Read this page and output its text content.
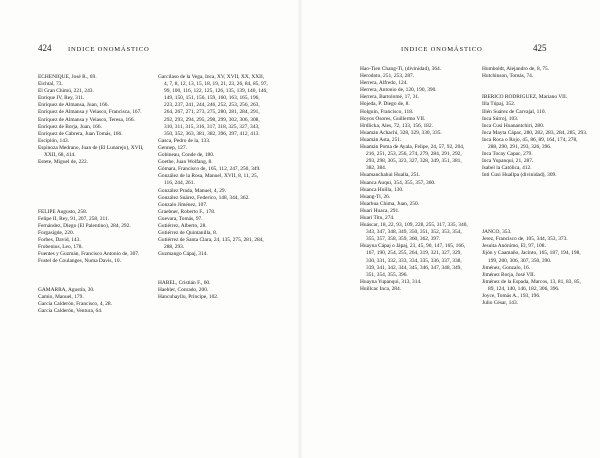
424	INDICE ONOMÁSTICO
ECHENIQUE, José R., 69.
Eichtal, 73.
El Gran Chimú, 221, 243.
Enrique IV, Rey, 311.
Enríquez de Almansa, Juan, 166.
Enríquez de Almansa y Velasco, Francisca, 167.
Enríquez de Almansa y Velasco, Teresa, 166.
Enríquez de Borja, Juan, 166.
Enríquez de Cabrera, Juan Tomás, 166.
Escipión, 143.
Espinoza Medrano, Juan de (El Lunarejo), XVII, XXII, 68, 414.
Estete, Miguel de, 222.
FELIPE Augusto, 258.
Felipe II, Rey, 91, 207, 258, 311.
Fernández, Diego (El Palentino), 284, 292.
Forgasigde, 220.
Forbes, David, 143.
Frobenius, Leo, 178.
Fuentes y Guzmán, Francisco Antonio de, 307.
Fustel de Coulanges, Numa Davis, 10.
GAMARRA, Agustín, 30.
Camio, Manuel, 179.
García Calderón, Francisco, 4, 28.
García Calderón, Ventura, 64.
Garcilaso de la Vega, Inca, XV, XVII, XX, XXII, 4, 7, 8, 12, 13, 15, 18, 19, 21, 23, 26, 84, 85, 97, 99, 100, 116, 122, 125, 126, 135, 139, 140, 146, 149, 150, 151, 156, 159, 160, 163, 165, 196, 223, 237, 241, 244, 246, 252, 253, 256, 263, 264, 267, 271, 273, 275, 280, 281, 284, 291, 292, 293, 294, 295, 298, 299, 302, 306, 308, 310, 311, 315, 316, 317, 318, 325, 327, 343, 350, 352, 363, 381, 382, 396, 397, 412, 413.
Gasca, Pedro de la, 133.
Gennep, 127.
Gobineau, Conde de, 180.
Goethe, Juan Wolfang, 8.
Gómara, Francisco de, 165, 112, 247, 250, 349.
González de la Rosa, Manuel, XVII, 8, 11, 25, 116, 244, 261.
González Prada, Manuel, 4, 29.
González Suárez, Federico, 148, 344, 362.
Gonzalo Jiménez, 107.
Graebner, Roberto F., 178.
Guevara, Tomás, 97.
Gutiérrez, Alberto, 28.
Gutiérrez de Quintanilla, 8.
Gutiérrez de Santa Clara, 24, 135, 275, 281, 284, 288, 293.
Guzmango Cápaj, 314.
HABEL, Cristián F., 60.
Haebler, Conrado, 200.
Hancuhayllu, Príncipe, 102.
INDICE ONOMÁSTICO	425
Hao-Tien Chang-Ti, (divinidad), 364.
Herodoto, 251, 253, 287.
Herrera, Alfredo, 124.
Herrera, Antonio de, 120, 190, 390.
Herrera, Bartolomé, 17, 31.
Hojeda, P. Diego de, 8.
Holguín, Francisco, 118.
Hoyos Osores, Guillermo VII.
Hrdlicka, Ales, 72, 133, 156, 182.
Huamán Achachi, 328, 329, 330, 335.
Huamán Asta, 251.
Huamán Poma de Ayala, Felipe, 24, 57, 92, 204, 216, 251, 253, 256, 274, 279, 284, 291, 292, 293, 298, 305, 323, 327, 328, 349, 351, 381, 382, 384.
Huamanchahui Hualla, 251.
Huanca Auqui, 354, 355, 357, 360.
Huanca Huilla, 130.
Huang-Ti, 26.
Huarhua Chima, Juan, 250.
Huari Huaca, 291.
Huari Titu, 274.
Huáscar, 18, 22, 93, 109, 228, 255, 317, 335, 340, 343, 347, 348, 349, 350, 351, 352, 353, 354, 355, 357, 358, 359, 360, 362, 397.
Huayna Cápaj o Jápaj, 23, 45, 90, 147, 165, 166, 167, 190, 254, 255, 264, 319, 321, 327, 329, 330, 331, 332, 333, 334, 335, 336, 337, 338, 339, 341, 342, 344, 345, 346, 347, 348, 349, 351, 354, 355, 396.
Huayna Yupanqui, 313, 314.
Huillcac Inca, 284.
Humboldt, Alejandro de, 8, 75.
Hutchinson, Tomás, 74.
IBERICO RODRIGUEZ, Mariano VII.
Illa Túpaj, 352.
Illén Suárez de Carvajal, 110.
Inca Súrroj, 103.
Inca Cusi Huanantchiri, 280.
Inca Mayta Cápac, 280, 282, 283, 284, 285, 293.
Inca Roca o Rojo, 45, 86, 89, 164, 174, 278, 288, 290, 291, 293, 326, 396.
Inca Tocay Capac, 279.
Inca Yupanqui, 21, 287.
Isabel la Católica, 412.
Inti Cusi Huallpa (divinidad), 309.
JANCO, 353.
Jerez, Francisco de, 105, 344, 353, 373.
Jesuita Anónimo, El, 97, 108.
Jijón y Caamaño, Jacinto, 165, 187, 194, 198, 199, 200, 306, 307, 350, 390.
Jiménez, Gonzalo, 16.
Jiménez Borja, José VII.
Jiménez de la Espada, Marcos, 13, 81, 83, 85, 89, 124, 140, 146, 182, 306, 396.
Joyce, Tomás A., 193, 196.
Julio César, 143.
